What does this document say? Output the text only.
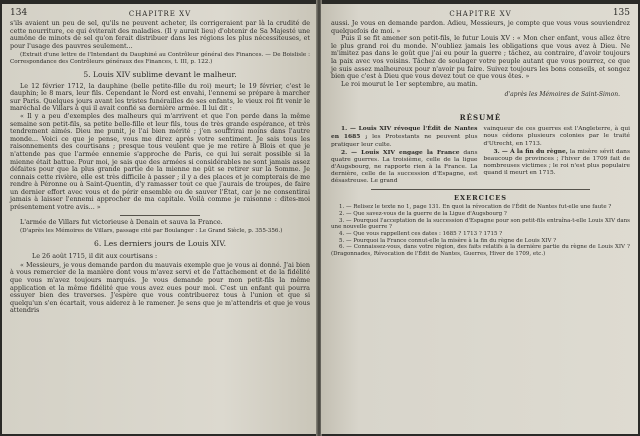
134	CHAPITRE XV

s'ils avaient un peu de sel, qu'ils ne peuvent acheter, ils corrigeraient par là la crudité de cette nourriture, ce qui éviterait des maladies. (Il y aurait lieu) d'obtenir de Sa Majesté une aumône de minots de sel qu'on ferait distribuer dans les régions les plus nécessiteuses, et pour l'usage des pauvres seulement...

(Extrait d'une lettre de l'Intendant du Dauphiné au Contrôleur général des Finances. — De Boislisle : Correspondance des Contrôleurs généraux des Finances, t. III, p. 122.)

5. Louis XIV sublime devant le malheur.

Le 12 février 1712, la dauphine (belle petite-fille du roi) meurt; le 19 février, c'est le dauphin; le 8 mars, leur fils. Cependant le Nord est envahi, l'ennemi se prépare à marcher sur Paris. Quelques jours avant les tristes funérailles de ses enfants, le vieux roi fit venir le maréchal de Villars à qui il avait confié sa dernière armée. Il lui dit :

« Il y a peu d'exemples des malheurs qui m'arrivent et que l'on perde dans la même semaine son petit-fils, sa petite belle-fille et leur fils, tous de très grande espérance, et très tendrement aimés. Dieu me punit, je l'ai bien mérité ; j'en souffrirai moins dans l'autre monde... Voici ce que je pense, vous me direz après votre sentiment. Je sais tous les raisonnements des courtisans ; presque tous veulent que je me retire à Blois et que je n'attende pas que l'armée ennemie s'approche de Paris, ce qui lui serait possible si la mienne était battue. Pour moi, je sais que des armées si considérables ne sont jamais assez défaites pour que la plus grande partie de la mienne ne pût se retirer sur la Somme. Je connais cette rivière, elle est très difficile à passer ; il y a des places et je compterais de me rendre à Péronne ou à Saint-Quentin, d'y ramasser tout ce que j'aurais de troupes, de faire un dernier effort avec vous et de périr ensemble ou de sauver l'État, car je ne consentirai jamais à laisser l'ennemi approcher de ma capitale. Voilà comme je raisonne : dites-moi présentement votre avis... »

L'armée de Villars fut victorieuse à Denain et sauva la France.

(D'après les Mémoires de Villars, passage cité par Boulanger : Le Grand Siècle, p. 355-356.)

6. Les derniers jours de Louis XIV.

Le 26 août 1715, il dit aux courtisans :

« Messieurs, je vous demande pardon du mauvais exemple que je vous ai donné. J'ai bien à vous remercier de la manière dont vous m'avez servi et de l'attachement et de la fidélité que vous m'avez toujours marqués. Je vous demande pour mon petit-fils la même application et la même fidélité que vous avez eues pour moi. C'est un enfant qui pourra essuyer bien des traverses. J'espère que vous contribuerez tous à l'union et que si quelqu'un s'en écartait, vous aiderez à le ramener. Je sens que je m'attendris et que je vous attendris

CHAPITRE XV	135

aussi. Je vous en demande pardon. Adieu, Messieurs, je compte que vous vous souviendrez quelquefois de moi. »

Puis il se fit amener son petit-fils, le futur Louis XV : « Mon cher enfant, vous allez être le plus grand roi du monde. N'oubliez jamais les obligations que vous avez à Dieu. Ne m'imitez pas dans le goût que j'ai eu pour la guerre ; tâchez, au contraire, d'avoir toujours la paix avec vos voisins. Tâchez de soulager votre peuple autant que vous pourrez, ce que je suis assez malheureux pour n'avoir pu faire. Suivez toujours les bons conseils, et songez bien que c'est à Dieu que vous devez tout ce que vous êtes. »

Le roi mourut le 1er septembre, au matin.

d'après les Mémoires de Saint-Simon.
RÉSUMÉ

1. — Louis XIV révoque l'Édit de Nantes en 1685 ; les Protestants ne peuvent plus pratiquer leur culte.

2. — Louis XIV engage la France dans quatre guerres. La troisième, celle de la ligue d'Augsbourg, ne rapporte rien à la France. La dernière, celle de la succession d'Espagne, est désastreuse. Le grand

vainqueur de ces guerres est l'Angleterre, à qui nous cédons plusieurs colonies par le traité d'Utrecht, en 1713.

3. — À la fin du règne, la misère sévit dans beaucoup de provinces ; l'hiver de 1709 fait de nombreuses victimes ; le roi n'est plus populaire quand il meurt en 1715.

EXERCICES

1. — Relisez le texte no 1, page 131. En quoi la révocation de l'Édit de Nantes fut-elle une faute ?

2. — Que savez-vous de la guerre de la Ligue d'Augsbourg ?

3. — Pourquoi l'acceptation de la succession d'Espagne pour son petit-fils entraîna-t-elle Louis XIV dans une nouvelle guerre ?

4. — Que vous rappellent ces dates : 1685 ? 1713 ? 1715 ?

5. — Pourquoi la France connut-elle la misère à la fin du règne de Louis XIV ?

6. — Connaissez-vous, dans votre région, des faits relatifs à la dernière partie du règne de Louis XIV ? (Dragonnades, Révocation de l'Édit de Nantes, Guerres, Hiver de 1709, etc.)
